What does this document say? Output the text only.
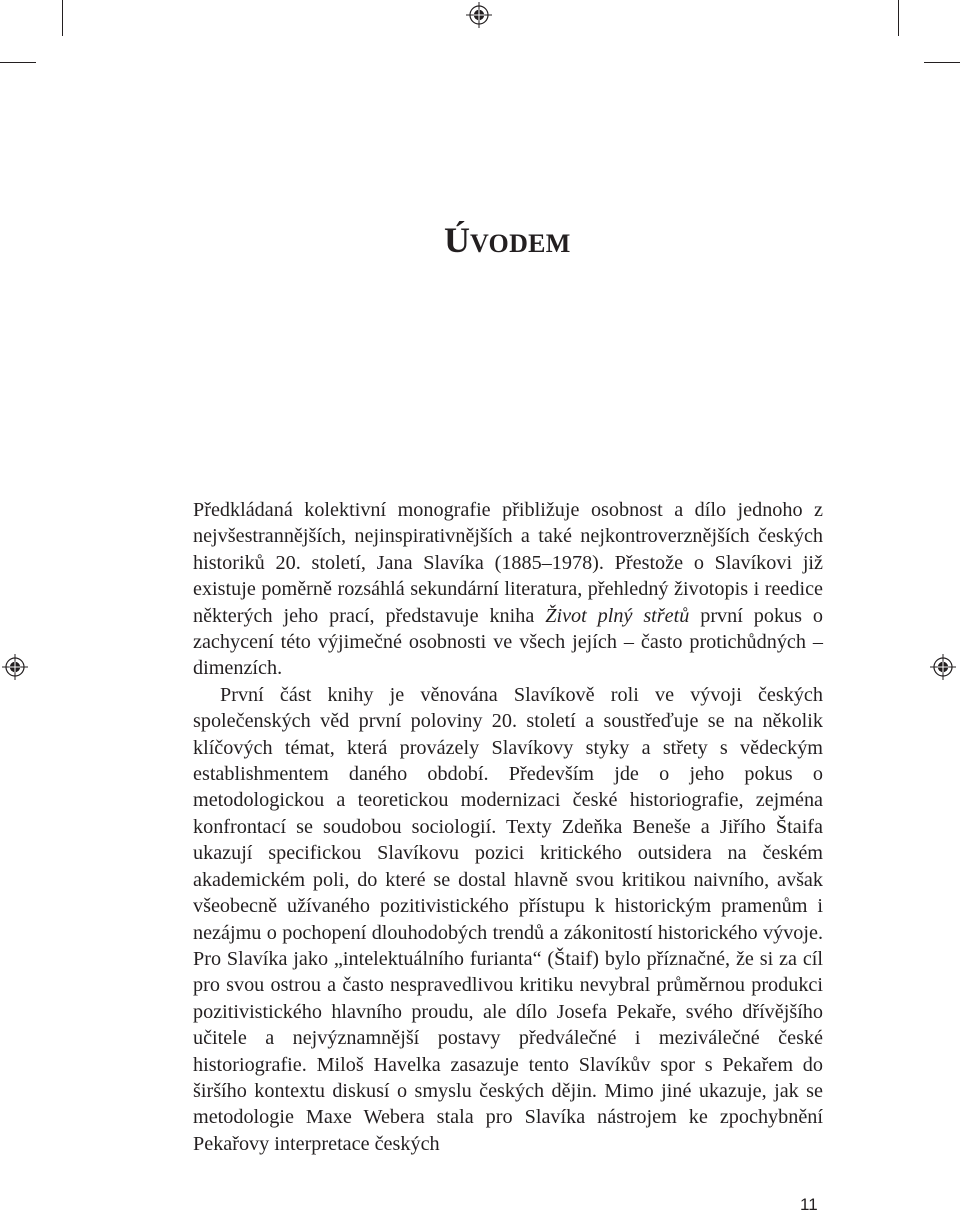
ÚVODEM

Předkládaná kolektivní monografie přibližuje osobnost a dílo jednoho z nejvšestrannějších, nejinspirativnějších a také nejkontroverznějších českých historiků 20. století, Jana Slavíka (1885–1978). Přestože o Slavíkovi již existuje poměrně rozsáhlá sekundární literatura, přehledný životopis i reedice některých jeho prací, představuje kniha Život plný střetů první pokus o zachycení této výjimečné osobnosti ve všech jejích – často protichůdných – dimenzích.

První část knihy je věnována Slavíkově roli ve vývoji českých společenských věd první poloviny 20. století a soustřeďuje se na několik klíčových témat, která provázely Slavíkovy styky a střety s vědeckým establishmentem daného období. Především jde o jeho pokus o metodologickou a teoretickou modernizaci české historiografie, zejména konfrontací se soudobou sociologií. Texty Zdeňka Beneše a Jiřího Štaifa ukazují specifickou Slavíkovu pozici kritického outsidera na českém akademickém poli, do které se dostal hlavně svou kritikou naivního, avšak všeobecně užívaného pozitivistického přístupu k historickým pramenům i nezájmu o pochopení dlouhodobých trendů a zákonitostí historického vývoje. Pro Slavíka jako „intelektuálního furianta“ (Štaif) bylo příznačné, že si za cíl pro svou ostrou a často nespravedlivou kritiku nevybral průměrnou produkci pozitivistického hlavního proudu, ale dílo Josefa Pekaře, svého dřívějšího učitele a nejvýznamnější postavy předválečné i meziválečné české historiografie. Miloš Havelka zasazuje tento Slavíkův spor s Pekařem do širšího kontextu diskusí o smyslu českých dějin. Mimo jiné ukazuje, jak se metodologie Maxe Webera stala pro Slavíka nástrojem ke zpochybnění Pekařovy interpretace českých

11
